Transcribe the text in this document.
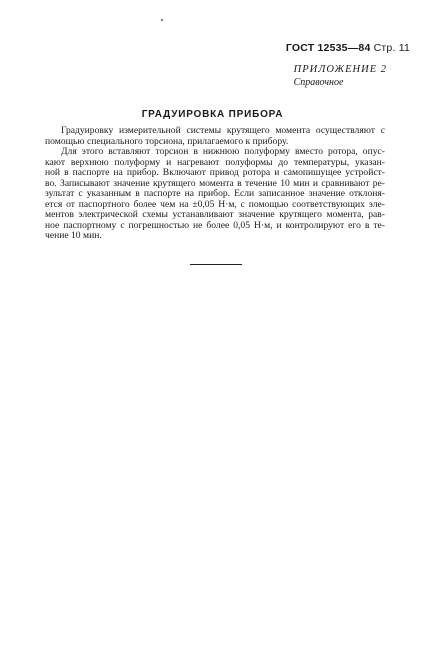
ГОСТ 12535—84 Стр. 11
ПРИЛОЖЕНИЕ 2
Справочное
ГРАДУИРОВКА ПРИБОРА
Градуировку измерительной системы крутящего момента осуществляют с
помощью специального торсиона, прилагаемого к прибору.
Для этого вставляют торсион в нижнюю полуформу вместо ротора, опус-
кают верхнюю полуформу и нагревают полуформы до температуры, указан-
ной в паспорте на прибор. Включают привод ротора и самопишущее устройст-
во. Записывают значение крутящего момента в течение 10 мин и сравнивают ре-
зультат с указанным в паспорте на прибор. Если записанное значение отклоня-
ется от паспортного более чем на ±0,05 Н·м, с помощью соответствующих эле-
ментов электрической схемы устанавливают значение крутящего момента, рав-
ное паспортному с погрешностью не более 0,05 Н·м, и контролируют его в те-
чение 10 мин.
